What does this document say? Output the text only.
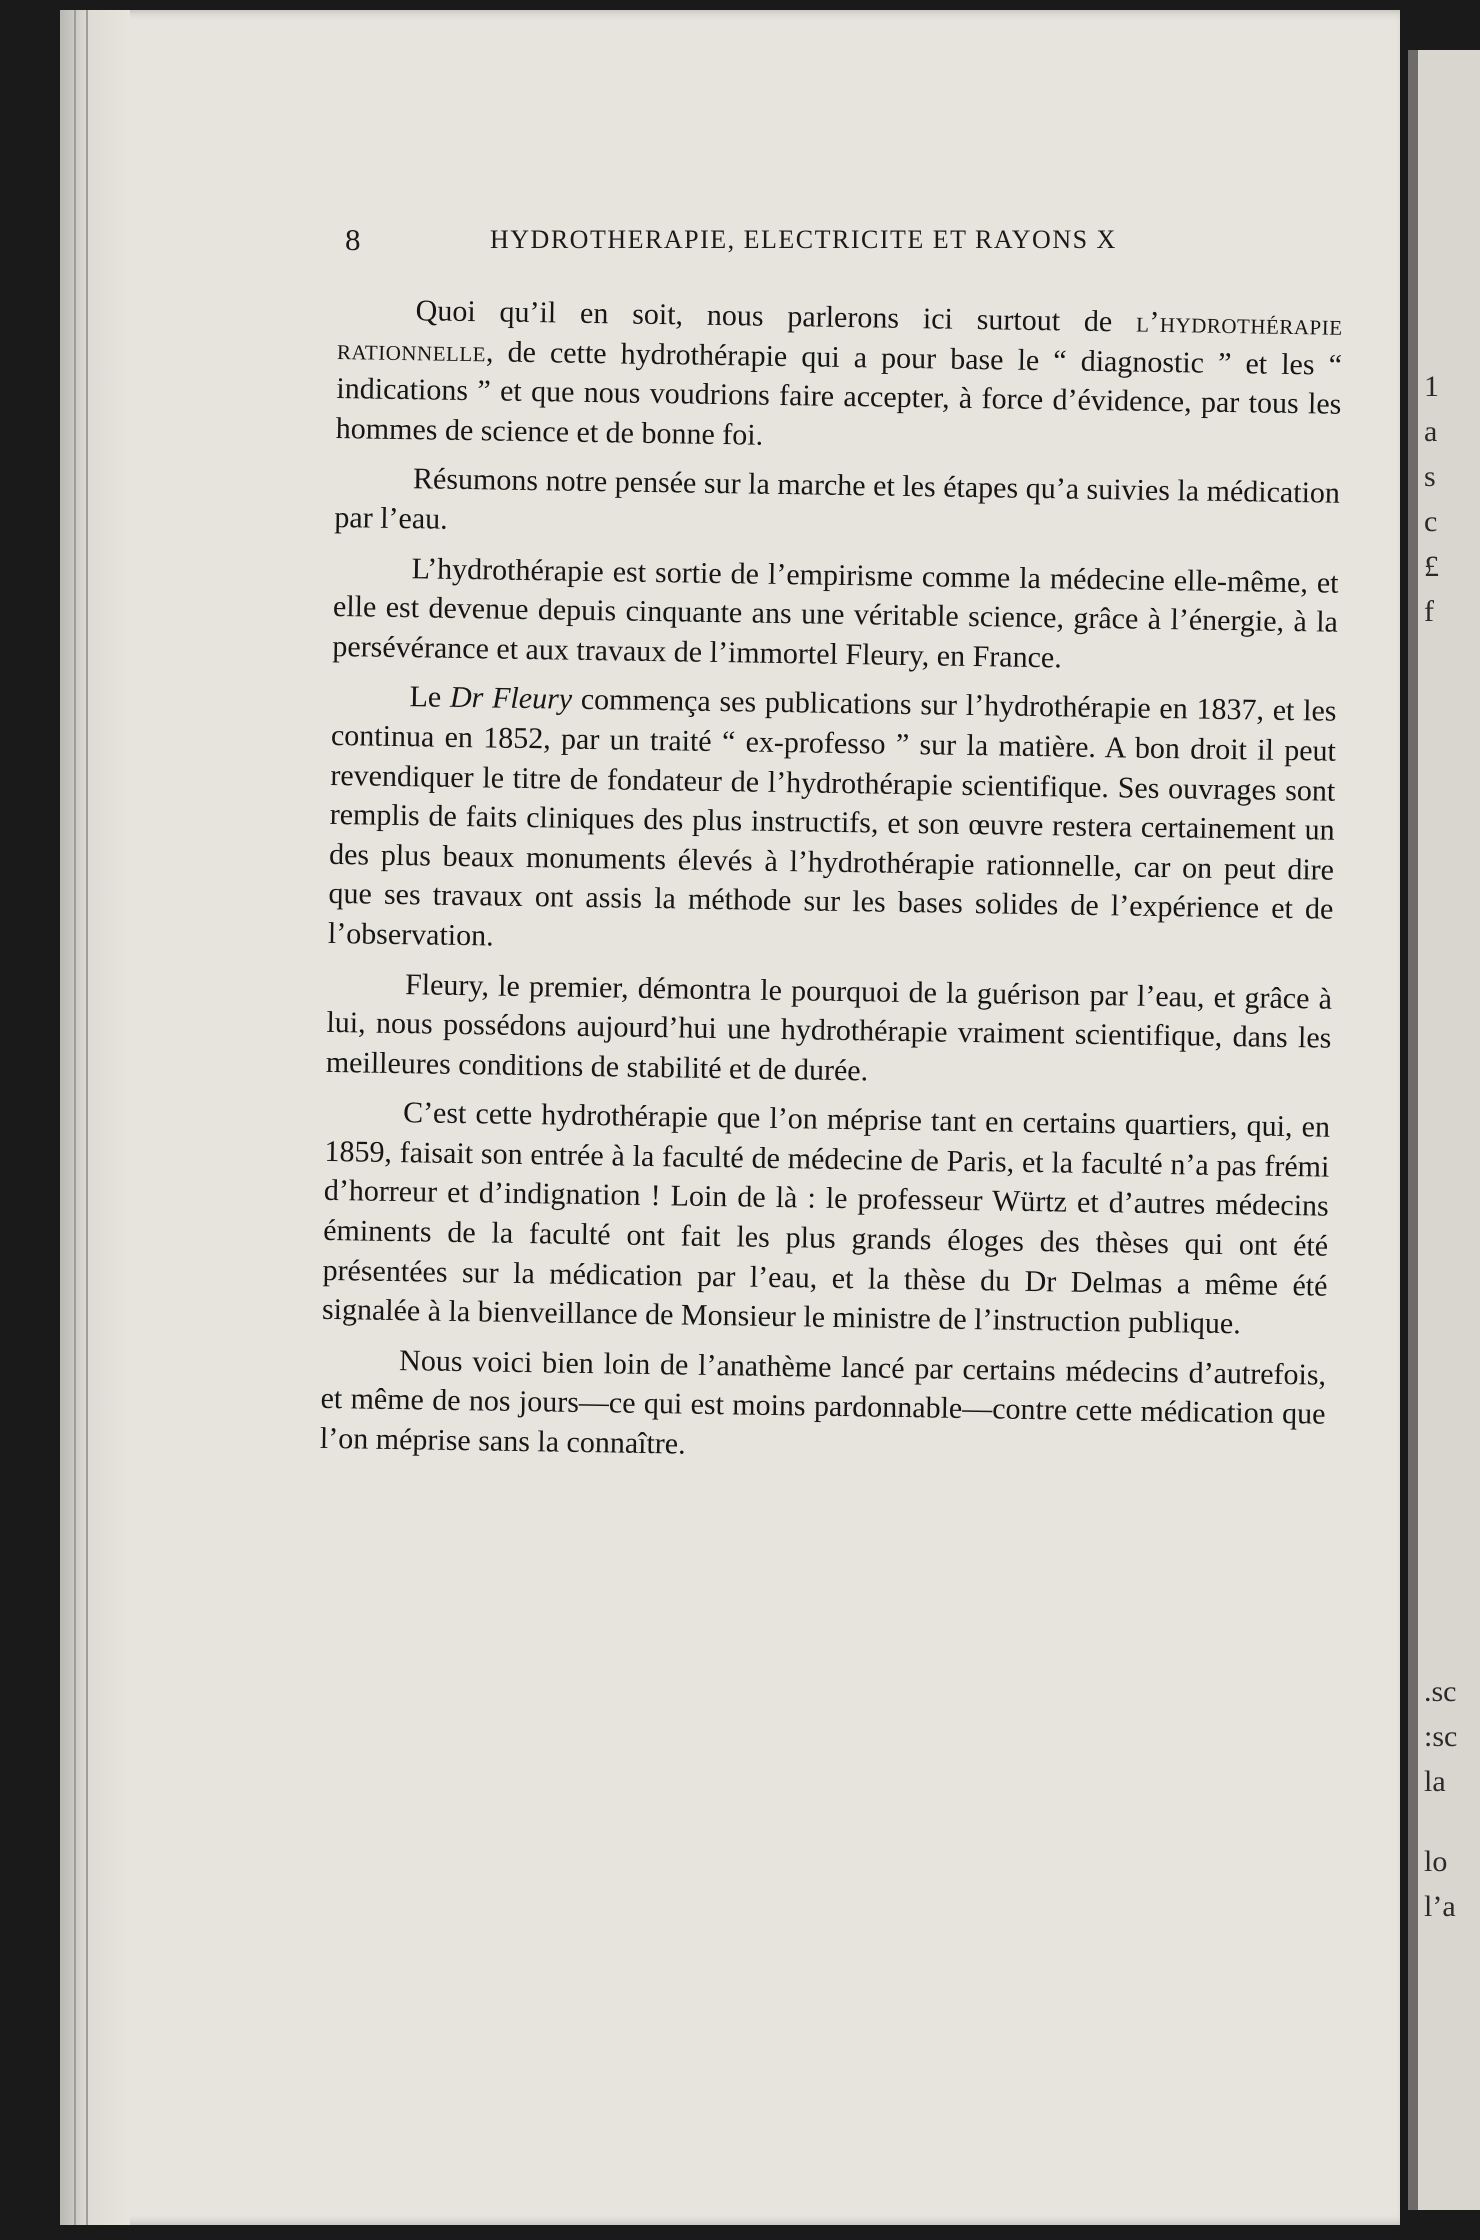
1
a
s
c
£
f
.sc
:sc
la
lo
l’a
8	HYDROTHERAPIE, ELECTRICITE ET RAYONS X

Quoi qu’il en soit, nous parlerons ici surtout de l’hydrothérapie rationnelle, de cette hydrothérapie qui a pour base le “ diagnostic ” et les “ indications ” et que nous voudrions faire accepter, à force d’évidence, par tous les hommes de science et de bonne foi.

Résumons notre pensée sur la marche et les étapes qu’a suivies la médication par l’eau.

L’hydrothérapie est sortie de l’empirisme comme la médecine elle-même, et elle est devenue depuis cinquante ans une véritable science, grâce à l’énergie, à la persévérance et aux travaux de l’immortel Fleury, en France.

Le Dr Fleury commença ses publications sur l’hydrothérapie en 1837, et les continua en 1852, par un traité “ ex-professo ” sur la matière. A bon droit il peut revendiquer le titre de fondateur de l’hydrothérapie scientifique. Ses ouvrages sont remplis de faits cliniques des plus instructifs, et son œuvre restera certainement un des plus beaux monuments élevés à l’hydrothérapie rationnelle, car on peut dire que ses travaux ont assis la méthode sur les bases solides de l’expérience et de l’observation.

Fleury, le premier, démontra le pourquoi de la guérison par l’eau, et grâce à lui, nous possédons aujourd’hui une hydrothérapie vraiment scientifique, dans les meilleures conditions de stabilité et de durée.

C’est cette hydrothérapie que l’on méprise tant en certains quartiers, qui, en 1859, faisait son entrée à la faculté de médecine de Paris, et la faculté n’a pas frémi d’horreur et d’indignation ! Loin de là : le professeur Würtz et d’autres médecins éminents de la faculté ont fait les plus grands éloges des thèses qui ont été présentées sur la médication par l’eau, et la thèse du Dr Delmas a même été signalée à la bienveillance de Monsieur le ministre de l’instruction publique.

Nous voici bien loin de l’anathème lancé par certains médecins d’autrefois, et même de nos jours—ce qui est moins pardonnable—contre cette médication que l’on méprise sans la connaître.
